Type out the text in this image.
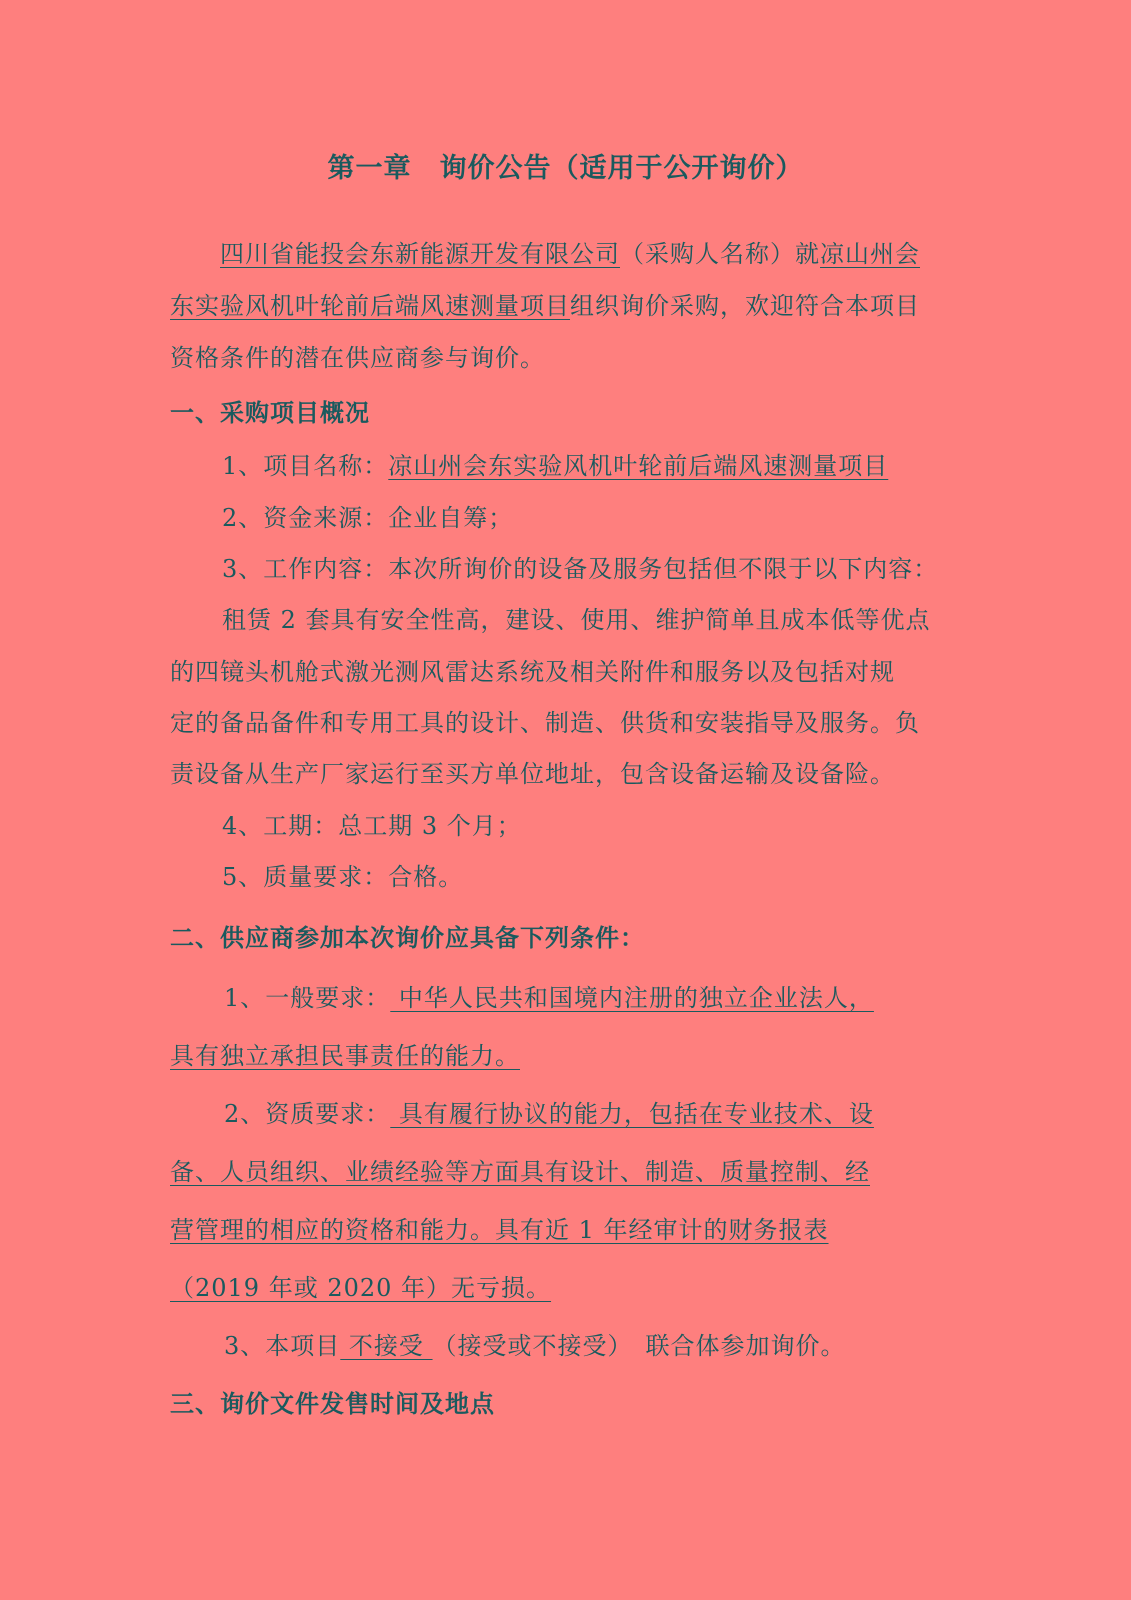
第一章　询价公告（适用于公开询价）
四川省能投会东新能源开发有限公司（采购人名称）就凉山州会
东实验风机叶轮前后端风速测量项目组织询价采购，欢迎符合本项目
资格条件的潜在供应商参与询价。
一、采购项目概况
1、项目名称：凉山州会东实验风机叶轮前后端风速测量项目
2、资金来源：企业自筹；
3、工作内容：本次所询价的设备及服务包括但不限于以下内容：
租赁 2 套具有安全性高，建设、使用、维护简单且成本低等优点
的四镜头机舱式激光测风雷达系统及相关附件和服务以及包括对规
定的备品备件和专用工具的设计、制造、供货和安装指导及服务。负
责设备从生产厂家运行至买方单位地址，包含设备运输及设备险。
4、工期：总工期 3 个月；
5、质量要求：合格。
二、供应商参加本次询价应具备下列条件：
1、一般要求： 中华人民共和国境内注册的独立企业法人，
具有独立承担民事责任的能力。
2、资质要求： 具有履行协议的能力，包括在专业技术、设
备、人员组织、业绩经验等方面具有设计、制造、质量控制、经
营管理的相应的资格和能力。具有近 1 年经审计的财务报表
（2019 年或 2020 年）无亏损。
3、本项目 不接受 （接受或不接受）　联合体参加询价。
三、询价文件发售时间及地点
